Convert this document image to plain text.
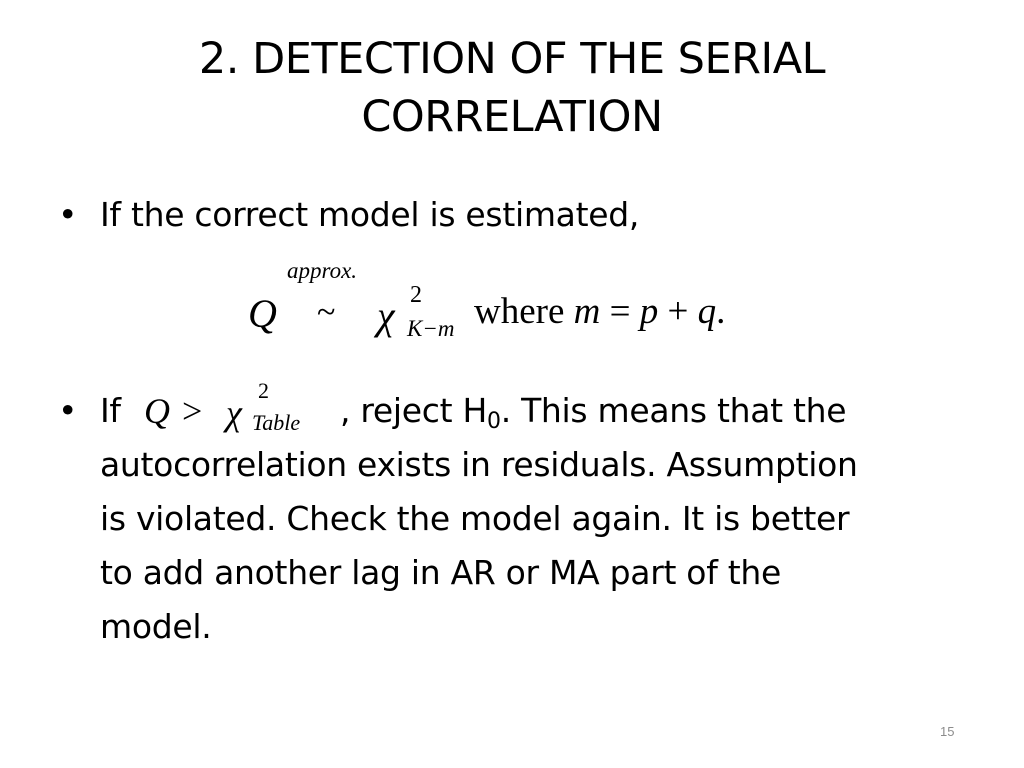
2. DETECTION OF THE SERIAL
CORRELATION
• If the correct model is estimated,
approx.
Q ~ χ 2
K−m where m = p + q.
•	Q > χ
2
Table
If	, reject $H_0$. This means that the
autocorrelation exists in residuals. Assumption
is violated. Check the model again. It is better
to add another lag in AR or MA part of the
model.
15
